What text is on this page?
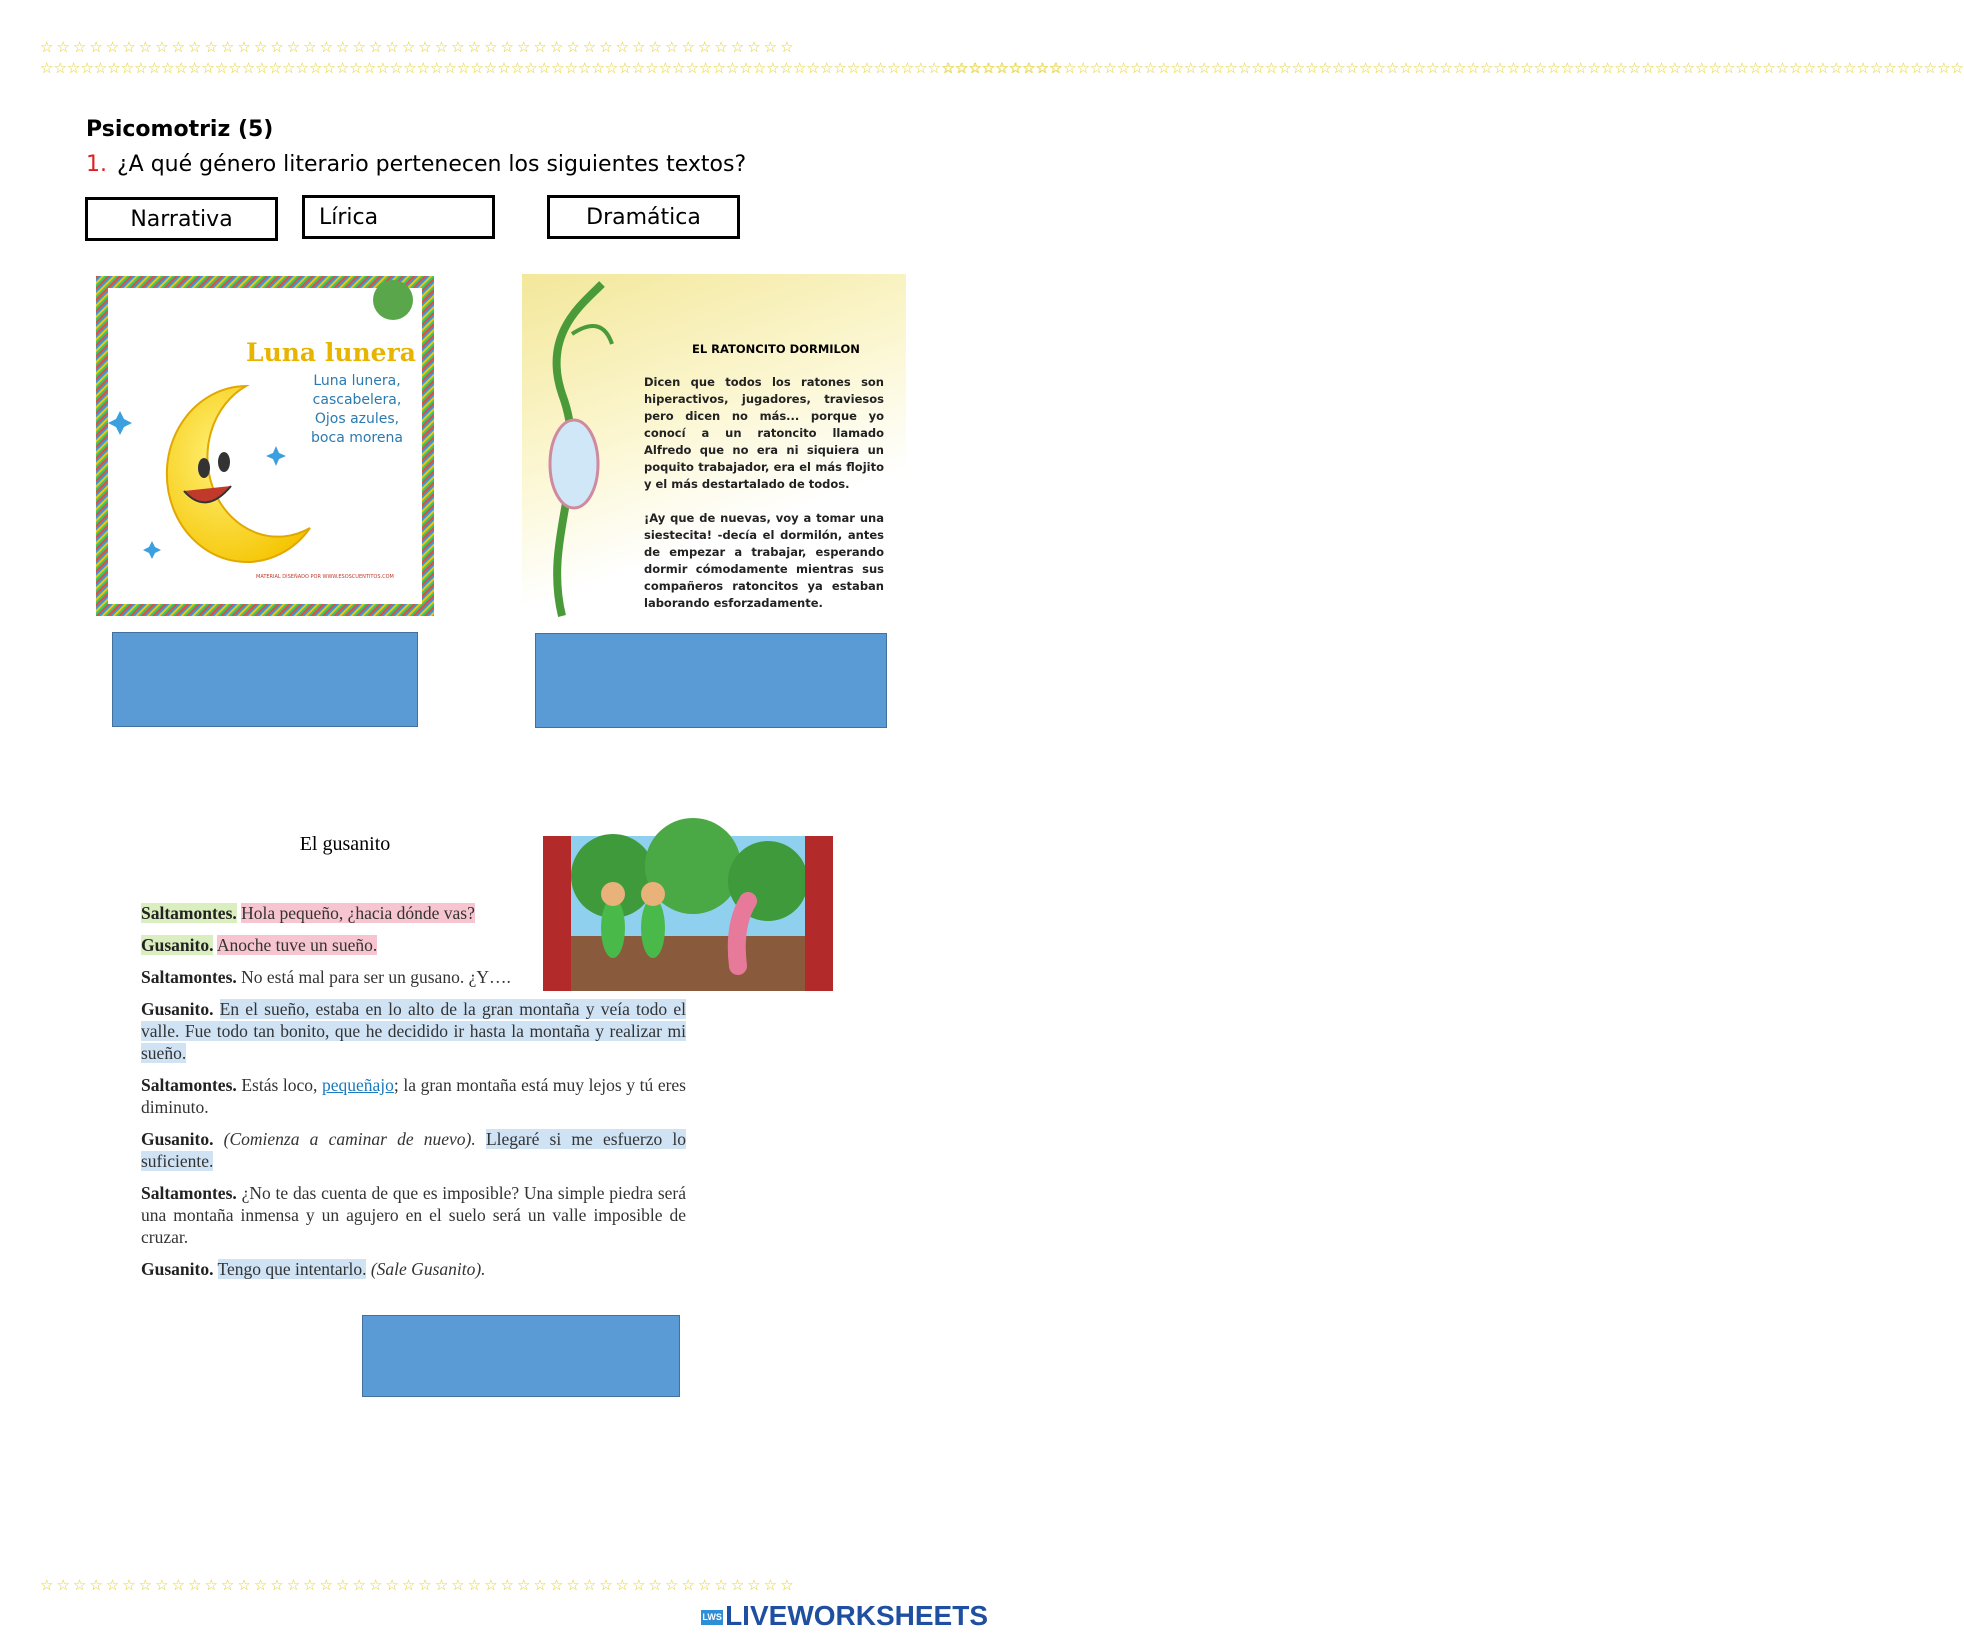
☆☆☆☆☆☆☆☆☆☆☆☆☆☆☆☆☆☆☆☆☆☆☆☆☆☆☆☆☆☆☆☆☆☆☆☆☆☆☆☆☆☆☆☆☆☆
☆☆☆☆☆☆☆☆☆☆☆☆☆☆☆☆☆☆☆☆☆☆☆☆☆☆☆☆☆☆☆☆☆☆☆☆☆☆☆☆☆☆☆☆☆☆
☆☆☆☆☆☆☆☆☆☆☆☆☆☆☆☆☆☆☆☆☆☆☆☆☆☆☆☆☆☆☆☆☆☆☆☆☆☆☆☆☆☆☆☆☆☆☆☆☆☆☆☆☆☆☆☆☆☆☆☆☆☆☆☆☆☆☆☆☆☆☆☆☆☆☆☆
☆☆☆☆☆☆☆☆☆☆☆☆☆☆☆☆☆☆☆☆☆☆☆☆☆☆☆☆☆☆☆☆☆☆☆☆☆☆☆☆☆☆☆☆☆☆☆☆☆☆☆☆☆☆☆☆☆☆☆☆☆☆☆☆☆☆☆☆☆☆☆☆☆☆☆☆
Psicomotriz (5)
1. ¿A qué género literario pertenecen los siguientes textos?
Narrativa	Lírica	Dramática
Luna lunera
Luna lunera,
cascabelera,
Ojos azules,
boca morena
MATERIAL DISEÑADO POR WWW.ESOSCUENTITOS.COM
EL RATONCITO DORMILON
Dicen que todos los ratones son hiperactivos, jugadores, traviesos pero dicen no más... porque yo conocí a un ratoncito llamado Alfredo que no era ni siquiera un poquito trabajador, era el más flojito y el más destartalado de todos.
¡Ay que de nuevas, voy a tomar una siestecita! -decía el dormilón, antes de empezar a trabajar, esperando dormir cómodamente mientras sus compañeros ratoncitos ya estaban laborando esforzadamente.
El gusanito

Saltamontes. Hola pequeño, ¿hacia dónde vas?

Gusanito. Anoche tuve un sueño.

Saltamontes. No está mal para ser un gusano. ¿Y….

Gusanito. En el sueño, estaba en lo alto de la gran montaña y veía todo el valle. Fue todo tan bonito, que he decidido ir hasta la montaña y realizar mi sueño.

Saltamontes. Estás loco, pequeñajo; la gran montaña está muy lejos y tú eres diminuto.

Gusanito. (Comienza a caminar de nuevo). Llegaré si me esfuerzo lo suficiente.

Saltamontes. ¿No te das cuenta de que es imposible? Una simple piedra será una montaña inmensa y un agujero en el suelo será un valle imposible de cruzar.

Gusanito. Tengo que intentarlo. (Sale Gusanito).

LWS LIVEWORKSHEETS
